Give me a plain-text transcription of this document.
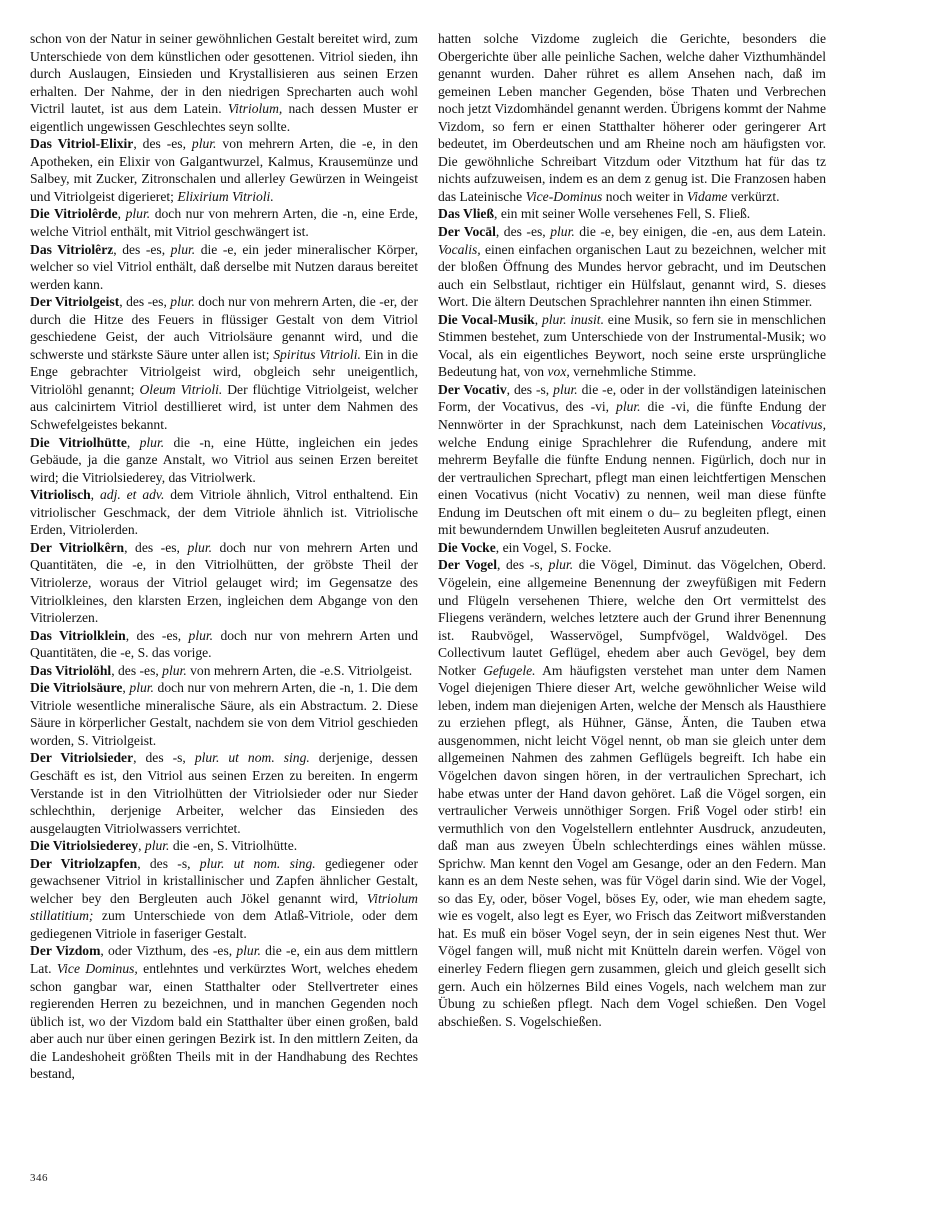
schon von der Natur in seiner gewöhnlichen Gestalt bereitet wird, zum Unterschiede von dem künstlichen oder gesottenen. Vitriol sieden, ihn durch Auslaugen, Einsieden und Krystallisieren aus seinen Erzen erhalten. Der Nahme, der in den niedrigen Sprecharten auch wohl Victril lautet, ist aus dem Latein. Vitriolum, nach dessen Muster er eigentlich ungewissen Geschlechtes seyn sollte.

Das Vitriol-Elixir, des -es, plur. von mehrern Arten, die -e, in den Apotheken, ein Elixir von Galgantwurzel, Kalmus, Krausemünze und Salbey, mit Zucker, Zitronschalen und allerley Gewürzen in Weingeist und Vitriolgeist digerieret; Elixirium Vitrioli.

Die Vitriolêrde, plur. doch nur von mehrern Arten, die -n, eine Erde, welche Vitriol enthält, mit Vitriol geschwängert ist.

Das Vitriolêrz, des -es, plur. die -e, ein jeder mineralischer Körper, welcher so viel Vitriol enthält, daß derselbe mit Nutzen daraus bereitet werden kann.

Der Vitriolgeist, des -es, plur. doch nur von mehrern Arten, die -er, der durch die Hitze des Feuers in flüssiger Gestalt von dem Vitriol geschiedene Geist, der auch Vitriolsäure genannt wird, und die schwerste und stärkste Säure unter allen ist; Spiritus Vitrioli. Ein in die Enge gebrachter Vitriolgeist wird, obgleich sehr uneigentlich, Vitriolöhl genannt; Oleum Vitrioli. Der flüchtige Vitriolgeist, welcher aus calcinirtem Vitriol destillieret wird, ist unter dem Nahmen des Schwefelgeistes bekannt.

Die Vitriolhütte, plur. die -n, eine Hütte, ingleichen ein jedes Gebäude, ja die ganze Anstalt, wo Vitriol aus seinen Erzen bereitet wird; die Vitriolsiederey, das Vitriolwerk.

Vitriolisch, adj. et adv. dem Vitriole ähnlich, Vitrol enthaltend. Ein vitriolischer Geschmack, der dem Vitriole ähnlich ist. Vitriolische Erden, Vitriolerden.

Der Vitriolkêrn, des -es, plur. doch nur von mehrern Arten und Quantitäten, die -e, in den Vitriolhütten, der gröbste Theil der Vitriolerze, woraus der Vitriol gelauget wird; im Gegensatze des Vitriolkleines, den klarsten Erzen, ingleichen dem Abgange von den Vitriolerzen.

Das Vitriolklein, des -es, plur. doch nur von mehrern Arten und Quantitäten, die -e, S. das vorige.

Das Vitriolöhl, des -es, plur. von mehrern Arten, die -e.S. Vitriolgeist.

Die Vitriolsäure, plur. doch nur von mehrern Arten, die -n, 1. Die dem Vitriole wesentliche mineralische Säure, als ein Abstractum. 2. Diese Säure in körperlicher Gestalt, nachdem sie von dem Vitriol geschieden worden, S. Vitriolgeist.

Der Vitriolsieder, des -s, plur. ut nom. sing. derjenige, dessen Geschäft es ist, den Vitriol aus seinen Erzen zu bereiten. In engerm Verstande ist in den Vitriolhütten der Vitriolsieder oder nur Sieder schlechthin, derjenige Arbeiter, welcher das Einsieden des ausgelaugten Vitriolwassers verrichtet.

Die Vitriolsiederey, plur. die -en, S. Vitriolhütte.

Der Vitriolzapfen, des -s, plur. ut nom. sing. gediegener oder gewachsener Vitriol in kristallinischer und Zapfen ähnlicher Gestalt, welcher bey den Bergleuten auch Jökel genannt wird, Vitriolum stillatitium; zum Unterschiede von dem Atlaß-Vitriole, oder dem gediegenen Vitriole in faseriger Gestalt.

Der Vizdom, oder Vizthum, des -es, plur. die -e, ein aus dem mittlern Lat. Vice Dominus, entlehntes und verkürztes Wort, welches ehedem schon gangbar war, einen Statthalter oder Stellvertreter eines regierenden Herren zu bezeichnen, und in manchen Gegenden noch üblich ist, wo der Vizdom bald ein Statthalter über einen großen, bald aber auch nur über einen geringen Bezirk ist. In den mittlern Zeiten, da die Landeshoheit größten Theils mit in der Handhabung des Rechtes bestand,

hatten solche Vizdome zugleich die Gerichte, besonders die Obergerichte über alle peinliche Sachen, welche daher Vizthumhändel genannt wurden. Daher rühret es allem Ansehen nach, daß im gemeinen Leben mancher Gegenden, böse Thaten und Verbrechen noch jetzt Vizdomhändel genannt werden. Übrigens kommt der Nahme Vizdom, so fern er einen Statthalter höherer oder geringerer Art bedeutet, im Oberdeutschen und am Rheine noch am häufigsten vor. Die gewöhnliche Schreibart Vitzdum oder Vitzthum hat für das tz nichts aufzuweisen, indem es an dem z genug ist. Die Franzosen haben das Lateinische Vice-Dominus noch weiter in Vidame verkürzt.

Das Vließ, ein mit seiner Wolle versehenes Fell, S. Fließ.

Der Vocāl, des -es, plur. die -e, bey einigen, die -en, aus dem Latein. Vocalis, einen einfachen organischen Laut zu bezeichnen, welcher mit der bloßen Öffnung des Mundes hervor gebracht, und im Deutschen auch ein Selbstlaut, richtiger ein Hülfslaut, genannt wird, S. dieses Wort. Die ältern Deutschen Sprachlehrer nannten ihn einen Stimmer.

Die Vocal-Musik, plur. inusit. eine Musik, so fern sie in menschlichen Stimmen bestehet, zum Unterschiede von der Instrumental-Musik; wo Vocal, als ein eigentliches Beywort, noch seine erste ursprüngliche Bedeutung hat, von vox, vernehmliche Stimme.

Der Vocativ, des -s, plur. die -e, oder in der vollständigen lateinischen Form, der Vocativus, des -vi, plur. die -vi, die fünfte Endung der Nennwörter in der Sprachkunst, nach dem Lateinischen Vocativus, welche Endung einige Sprachlehrer die Rufendung, andere mit mehrerm Beyfalle die fünfte Endung nennen. Figürlich, doch nur in der vertraulichen Sprechart, pflegt man einen leichtfertigen Menschen einen Vocativus (nicht Vocativ) zu nennen, weil man diese fünfte Endung im Deutschen oft mit einem o du– zu begleiten pflegt, einen mit bewunderndem Unwillen begleiteten Ausruf anzudeuten.

Die Vocke, ein Vogel, S. Focke.

Der Vogel, des -s, plur. die Vögel, Diminut. das Vögelchen, Oberd. Vögelein, eine allgemeine Benennung der zweyfüßigen mit Federn und Flügeln versehenen Thiere, welche den Ort vermittelst des Fliegens verändern, welches letztere auch der Grund ihrer Benennung ist. Raubvögel, Wasservögel, Sumpfvögel, Waldvögel. Des Collectivum lautet Geflügel, ehedem aber auch Gevögel, bey dem Notker Gefugele. Am häufigsten verstehet man unter dem Namen Vogel diejenigen Thiere dieser Art, welche gewöhnlicher Weise wild leben, indem man diejenigen Arten, welche der Mensch als Hausthiere zu erziehen pflegt, als Hühner, Gänse, Änten, die Tauben etwa ausgenommen, nicht leicht Vögel nennt, ob man sie gleich unter dem allgemeinen Nahmen des zahmen Geflügels begreift. Ich habe ein Vögelchen davon singen hören, in der vertraulichen Sprechart, ich habe etwas unter der Hand davon gehöret. Laß die Vögel sorgen, ein vertraulicher Verweis unnöthiger Sorgen. Friß Vogel oder stirb! ein vermuthlich von den Vogelstellern entlehnter Ausdruck, anzudeuten, daß man aus zweyen Übeln schlechterdings eines wählen müsse. Sprichw. Man kennt den Vogel am Gesange, oder an den Federn. Man kann es an dem Neste sehen, was für Vögel darin sind. Wie der Vogel, so das Ey, oder, böser Vogel, böses Ey, oder, wie man ehedem sagte, wie es vogelt, also legt es Eyer, wo Frisch das Zeitwort mißverstanden hat. Es muß ein böser Vogel seyn, der in sein eigenes Nest thut. Wer Vögel fangen will, muß nicht mit Knütteln darein werfen. Vögel von einerley Federn fliegen gern zusammen, gleich und gleich gesellt sich gern. Auch ein hölzernes Bild eines Vogels, nach welchem man zur Übung zu schießen pflegt. Nach dem Vogel schießen. Den Vogel abschießen. S. Vogelschießen.

346
